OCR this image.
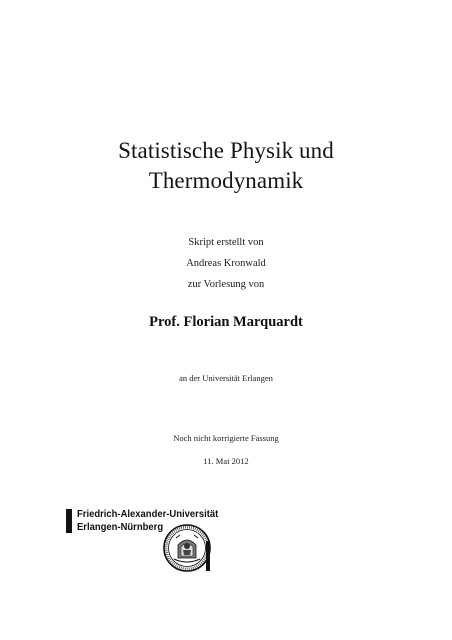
Statistische Physik und
Thermodynamik
Skript erstellt von
Andreas Kronwald
zur Vorlesung von
Prof. Florian Marquardt
an der Universität Erlangen
Noch nicht korrigierte Fassung
11. Mai 2012
Friedrich-Alexander-Universität
Erlangen-Nürnberg
